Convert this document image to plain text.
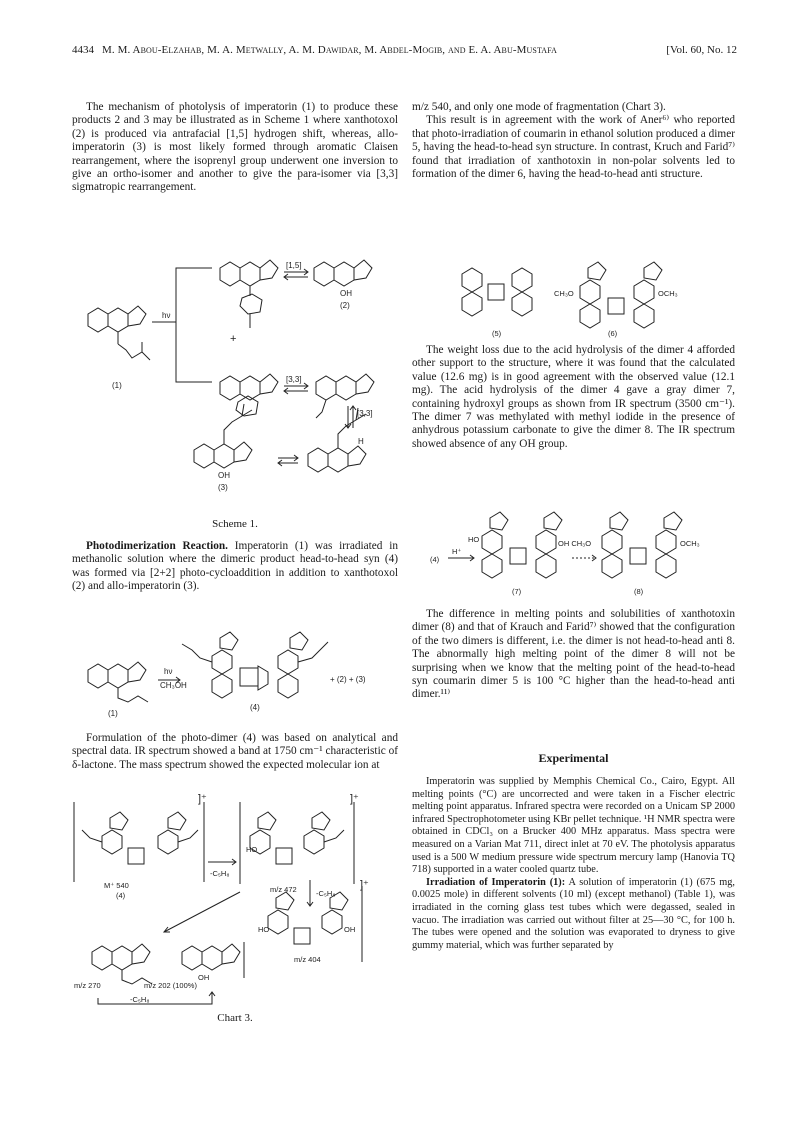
4434 M. M. Abou-Elzahab, M. A. Metwally, A. M. Dawidar, M. Abdel-Mogib, and E. A. Abu-Mustafa	[Vol. 60, No. 12

The mechanism of photolysis of imperatorin (1) to produce these products 2 and 3 may be illustrated as in Scheme 1 where xanthotoxol (2) is produced via antrafacial [1,5] hydrogen shift, whereas, allo-imperatorin (3) is most likely formed through aromatic Claisen rearrangement, where the isoprenyl group underwent one inversion to give an ortho-isomer and another to give the para-isomer via [3,3] sigmatropic rearrangement.

hν
(1)
[1,5]
OH
(2)
+
[3,3]
[3,3]
OH
(3)
H
Scheme 1.

Photodimerization Reaction. Imperatorin (1) was irradiated in methanolic solution where the dimeric product head-to-head syn (4) was formed via [2+2] photo-cycloaddition in addition to xanthotoxol (2) and allo-imperatorin (3).

hν
CH₃OH
(1)
(4)
+ (2) + (3)

Formulation of the photo-dimer (4) was based on analytical and spectral data. IR spectrum showed a band at 1750 cm⁻¹ characteristic of δ-lactone. The mass spectrum showed the expected molecular ion at

]⁺	]⁺
]⁺
M⁺ 540
(4)
-C₅H₈
HO
m/z 472	-C₅H₈
HO	OH
m/z 404
OH
m/z 270	m/z 202 (100%)
-C₅H₈
Chart 3.

m/z 540, and only one mode of fragmentation (Chart 3).

This result is in agreement with the work of Aner⁶⁾ who reported that photo-irradiation of coumarin in ethanol solution produced a dimer 5, having the head-to-head syn structure. In contrast, Kruch and Farid⁷⁾ found that irradiation of xanthotoxin in non-polar solvents led to formation of the dimer 6, having the head-to-head anti structure.

(5)	(6)
CH₃O	OCH₃

The weight loss due to the acid hydrolysis of the dimer 4 afforded other support to the structure, where it was found that the calculated value (12.6 mg) is in good agreement with the observed value (12.1 mg). The acid hydrolysis of the dimer 4 gave a gray dimer 7, containing hydroxyl groups as shown from IR spectrum (3500 cm⁻¹). The dimer 7 was methylated with methyl iodide in the presence of anhydrous potassium carbonate to give the dimer 8. The IR spectrum showed absence of any OH group.

(4)
H⁺
HO	OH CH₃O	OCH₃
(7)	(8)

The difference in melting points and solubilities of xanthotoxin dimer (8) and that of Krauch and Farid⁷⁾ showed that the configuration of the two dimers is different, i.e. the dimer is not head-to-head anti 8. The abnormally high melting point of the dimer 8 will not be surprising when we know that the melting point of the head-to-head syn coumarin dimer 5 is 100 °C higher than the head-to-head anti dimer.¹¹⁾

Experimental

Imperatorin was supplied by Memphis Chemical Co., Cairo, Egypt. All melting points (°C) are uncorrected and were taken in a Fischer electric melting point apparatus. Infrared spectra were recorded on a Unicam SP 2000 infrared Spectrophotometer using KBr pellet technique. ¹H NMR spectra were obtained in CDCl₃ on a Brucker 400 MHz apparatus. Mass spectra were measured on a Varian Mat 711, direct inlet at 70 eV. The photolysis apparatus used is a 500 W medium pressure wide spectrum mercury lamp (Hanovia TQ 718) supported in a water cooled quartz tube.

Irradiation of Imperatorin (1): A solution of imperatorin (1) (675 mg, 0.0025 mole) in different solvents (10 ml) (except methanol) (Table 1), was irradiated in the corning glass test tubes which were degassed, sealed in vacuo. The irradiation was carried out without filter at 25—30 °C, for 100 h. The tubes were opened and the solution was evaporated to dryness to give gummy material, which was further separated by
